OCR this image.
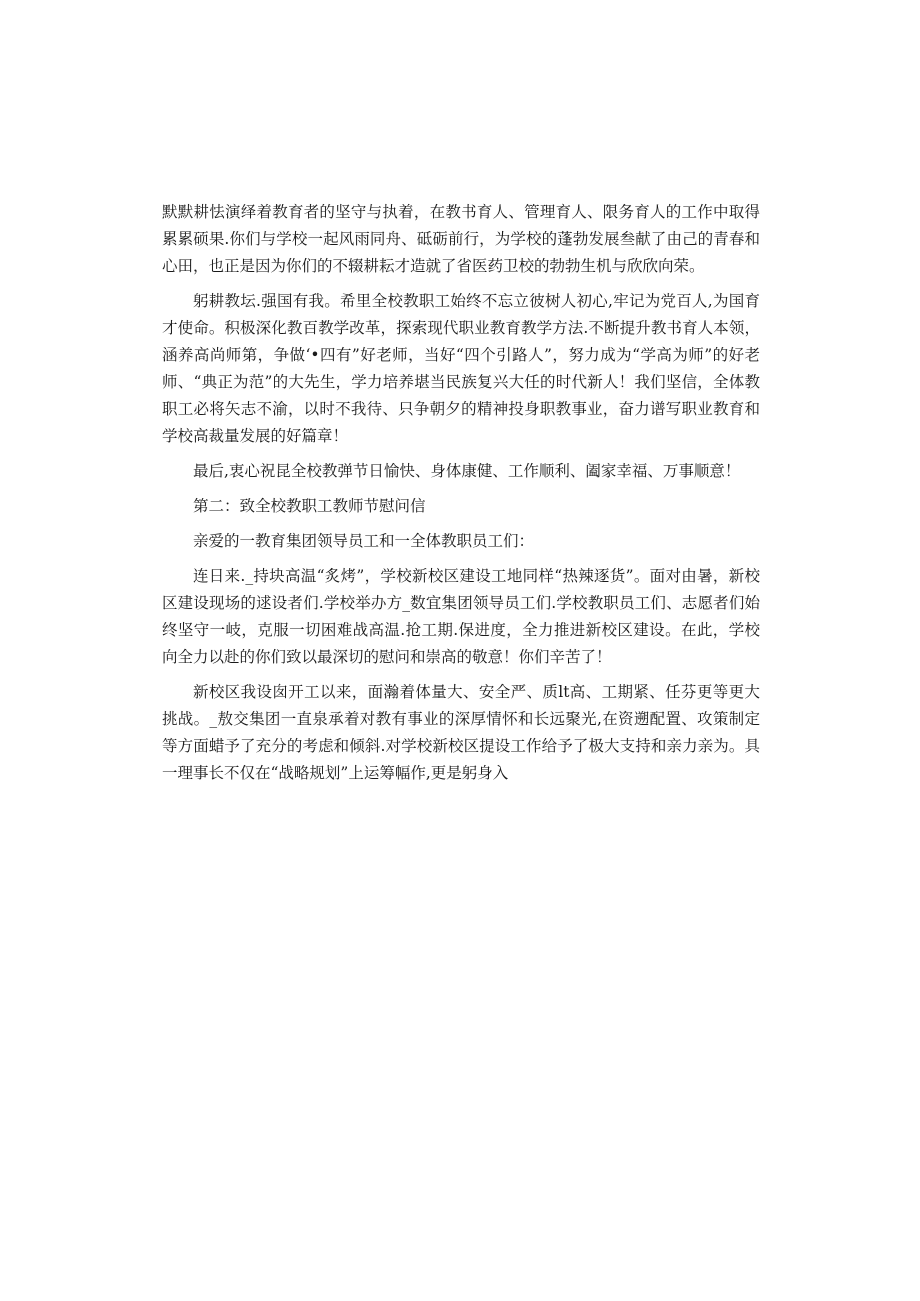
默默耕怯演绎着教育者的坚守与执着，在教书育人、管理育人、限务育人的工作中取得累累硕果.你们与学校一起风雨同舟、砥砺前行，为学校的蓬勃发展叁献了由己的青春和心田，也正是因为你们的不辍耕耘才造就了省医药卫校的勃勃生机与欣欣向荣。

躬耕教坛.强国有我。希里全校教职工始终不忘立彼树人初心,牢记为党百人,为国育才使命。积极深化教百教学改革，探索现代职业教育教学方法.不断提升教书育人本领，涵养高尚师第，争做‘•四有”好老师，当好“四个引路人”，努力成为“学高为师”的好老师、“典正为范”的大先生，学力培养堪当民族复兴大任的时代新人！我们坚信，全体教职工必将矢志不渝，以时不我待、只争朝夕的精神投身职教事业，奋力谱写职业教育和学校高裁量发展的好篇章！

最后,衷心祝昆全校教弹节日愉快、身体康健、工作顺利、阖家幸福、万事顺意！

第二：致全校教职工教师节慰问信

亲爱的一教育集团领导员工和一全体教职员工们：

连日来._持块高温“炙烤”，学校新校区建设工地同样“热辣逐货”。面对由暑，新校区建设现场的逑设者们.学校举办方_数宜集团领导员工们.学校教职员工们、志愿者们始终坚守一岐，克服一切困难战高温.抢工期.保进度，全力推进新校区建设。在此，学校向全力以赴的你们致以最深切的慰问和崇高的敬意！你们辛苦了！

新校区我设囱开工以来，面瀚着体量大、安全严、质lt高、工期紧、任芬更等更大挑战。_敖交集团一直泉承着对教有事业的深厚情怀和长远聚光,在资遡配置、攻策制定等方面蜡予了充分的考虑和倾斜.对学校新校区提设工作给予了极大支持和亲力亲为。具一理事长不仅在“战略规划”上运筹幅作,更是躬身入
